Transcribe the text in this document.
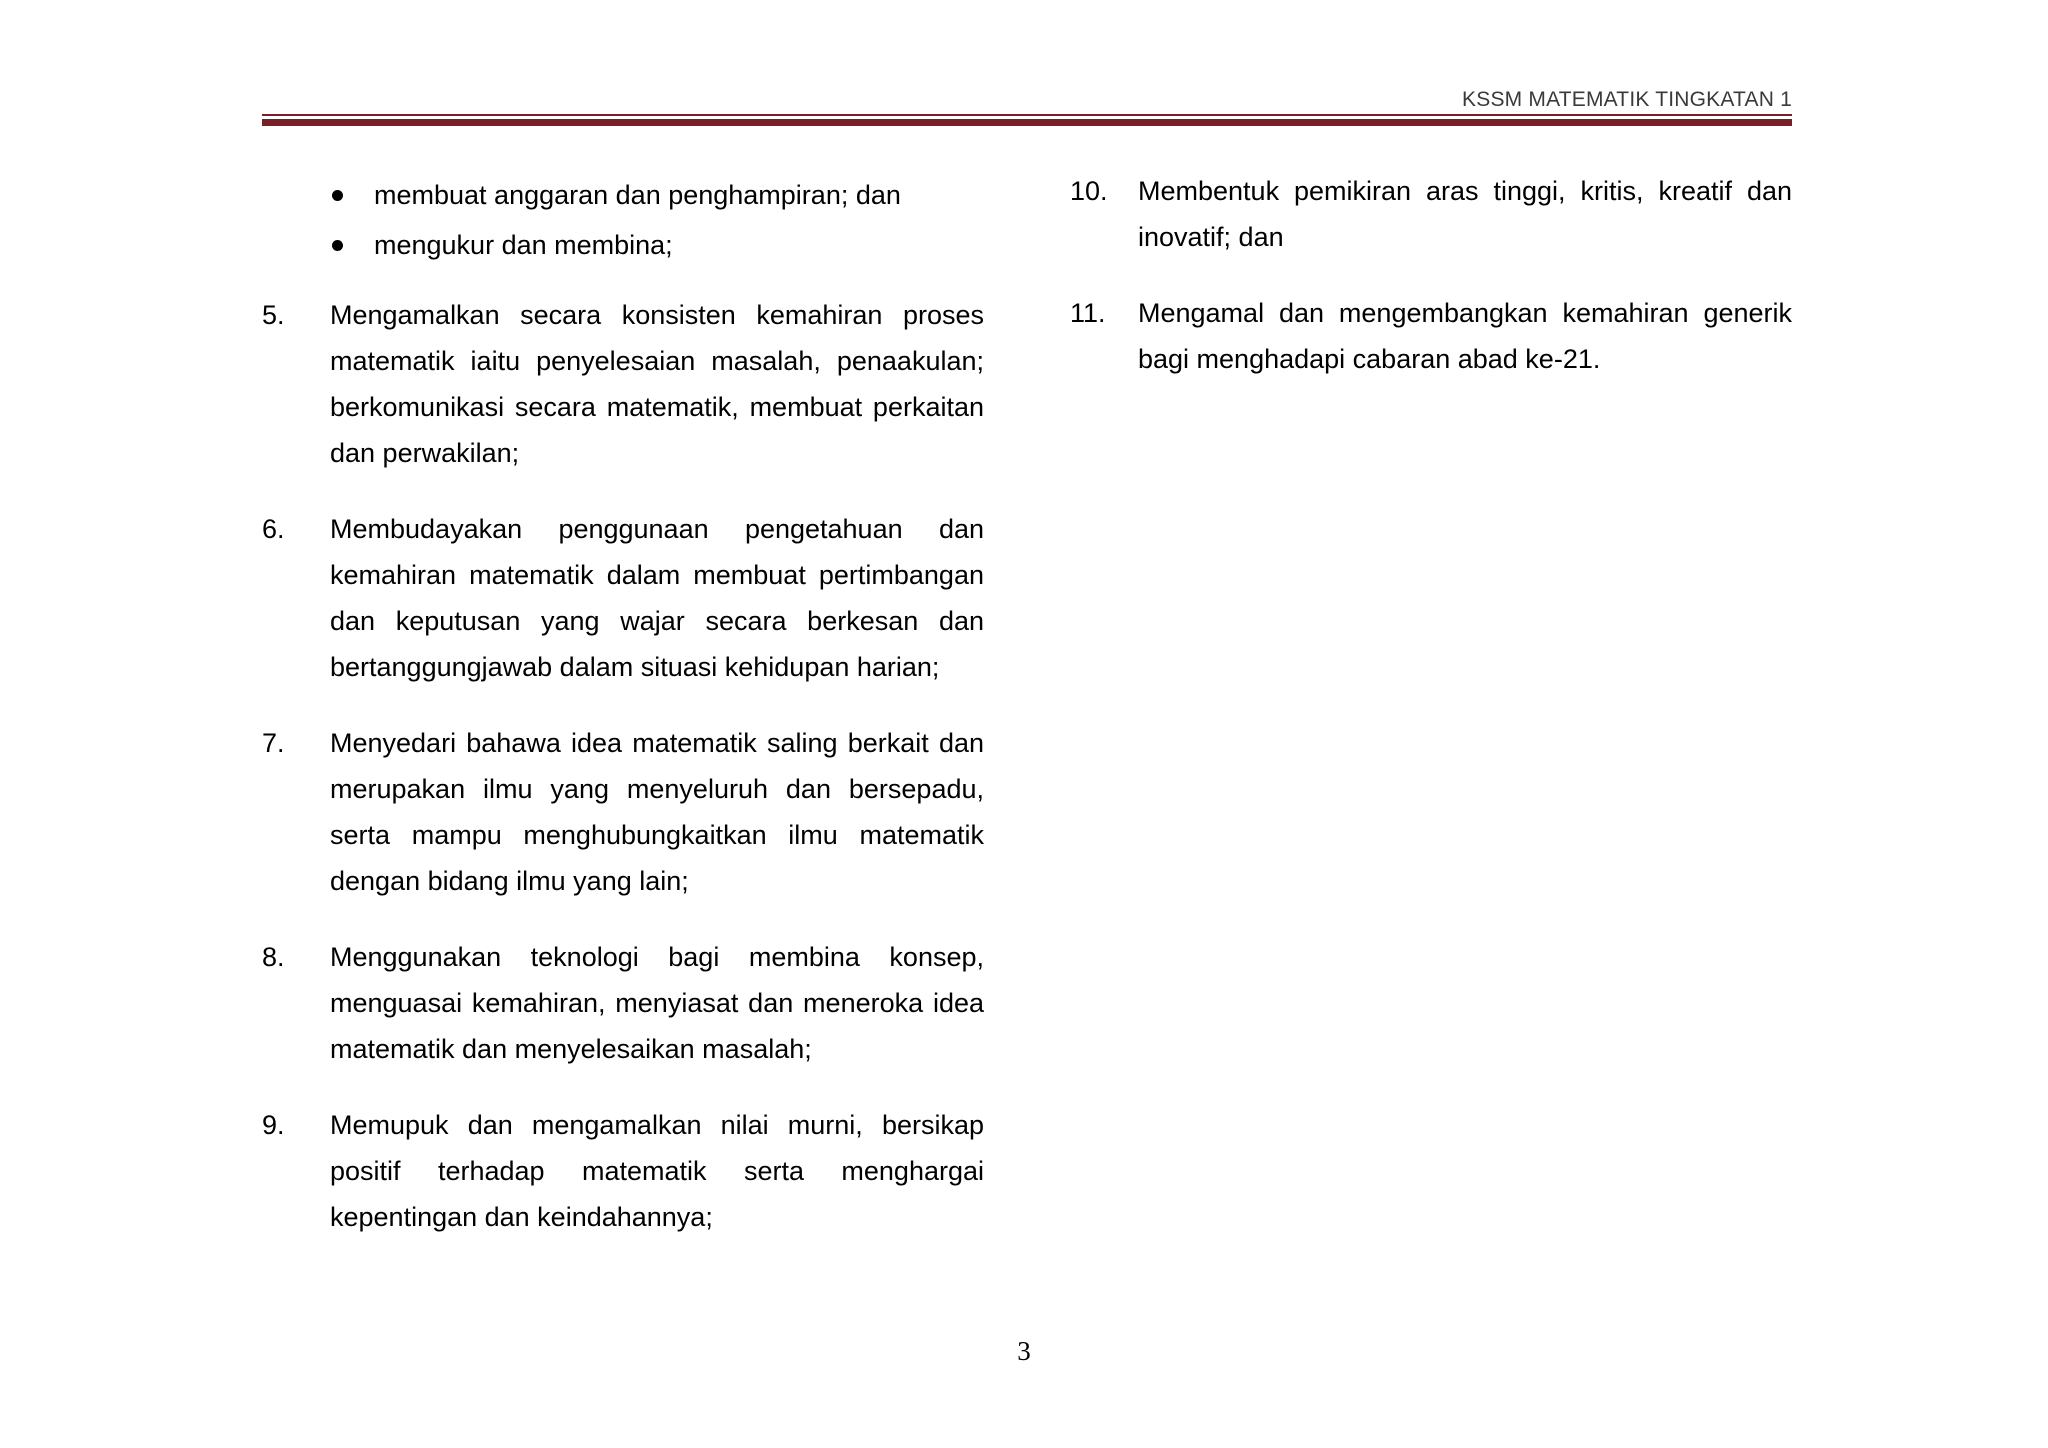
KSSM MATEMATIK TINGKATAN 1
membuat anggaran dan penghampiran; dan
mengukur dan membina;
5. Mengamalkan secara konsisten kemahiran proses matematik iaitu penyelesaian masalah, penaakulan; berkomunikasi secara matematik, membuat perkaitan dan perwakilan;
6. Membudayakan penggunaan pengetahuan dan kemahiran matematik dalam membuat pertimbangan dan keputusan yang wajar secara berkesan dan bertanggungjawab dalam situasi kehidupan harian;
7. Menyedari bahawa idea matematik saling berkait dan merupakan ilmu yang menyeluruh dan bersepadu, serta mampu menghubungkaitkan ilmu matematik dengan bidang ilmu yang lain;
8. Menggunakan teknologi bagi membina konsep, menguasai kemahiran, menyiasat dan meneroka idea matematik dan menyelesaikan masalah;
9. Memupuk dan mengamalkan nilai murni, bersikap positif terhadap matematik serta menghargai kepentingan dan keindahannya;
10. Membentuk pemikiran aras tinggi, kritis, kreatif dan inovatif; dan
11. Mengamal dan mengembangkan kemahiran generik bagi menghadapi cabaran abad ke-21.
3
